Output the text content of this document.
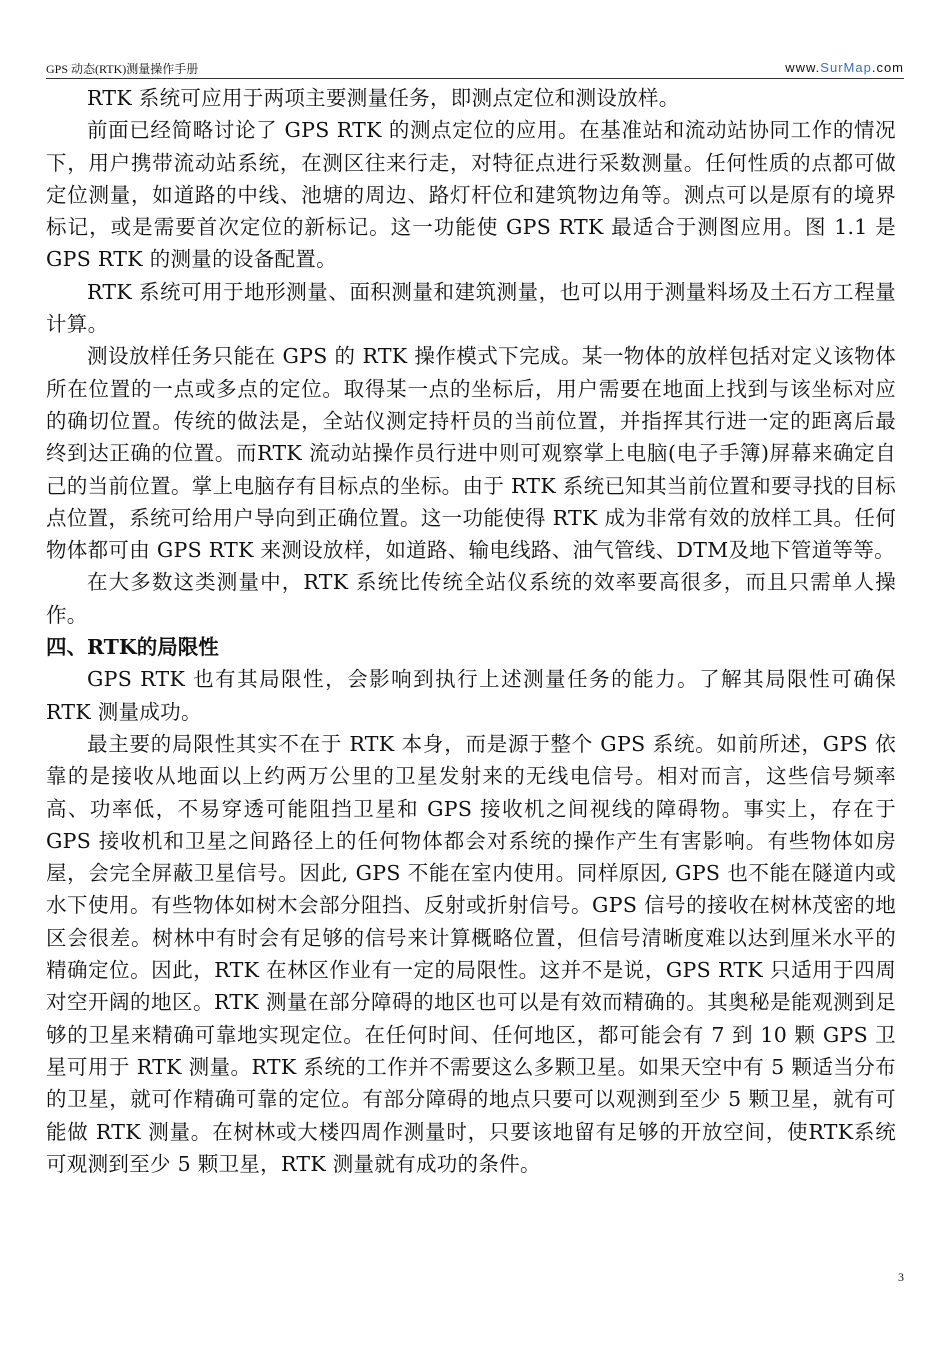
GPS 动态(RTK)测量操作手册	www.SurMap.com

RTK 系统可应用于两项主要测量任务，即测点定位和测设放样。

前面已经简略讨论了 GPS RTK 的测点定位的应用。在基准站和流动站协同工作的情况下，用户携带流动站系统，在测区往来行走，对特征点进行采数测量。任何性质的点都可做定位测量，如道路的中线、池塘的周边、路灯杆位和建筑物边角等。测点可以是原有的境界标记，或是需要首次定位的新标记。这一功能使 GPS RTK 最适合于测图应用。图 1.1 是GPS RTK 的测量的设备配置。

RTK 系统可用于地形测量、面积测量和建筑测量，也可以用于测量料场及土石方工程量计算。

测设放样任务只能在 GPS 的 RTK 操作模式下完成。某一物体的放样包括对定义该物体所在位置的一点或多点的定位。取得某一点的坐标后，用户需要在地面上找到与该坐标对应的确切位置。传统的做法是，全站仪测定持杆员的当前位置，并指挥其行进一定的距离后最终到达正确的位置。而RTK 流动站操作员行进中则可观察掌上电脑(电子手簿)屏幕来确定自己的当前位置。掌上电脑存有目标点的坐标。由于 RTK 系统已知其当前位置和要寻找的目标点位置，系统可给用户导向到正确位置。这一功能使得 RTK 成为非常有效的放样工具。任何物体都可由 GPS RTK 来测设放样，如道路、输电线路、油气管线、DTM及地下管道等等。

在大多数这类测量中，RTK 系统比传统全站仪系统的效率要高很多，而且只需单人操作。

四、RTK的局限性

GPS RTK 也有其局限性，会影响到执行上述测量任务的能力。了解其局限性可确保 RTK 测量成功。

最主要的局限性其实不在于 RTK 本身，而是源于整个 GPS 系统。如前所述，GPS 依靠的是接收从地面以上约两万公里的卫星发射来的无线电信号。相对而言，这些信号频率高、功率低，不易穿透可能阻挡卫星和 GPS 接收机之间视线的障碍物。事实上，存在于 GPS 接收机和卫星之间路径上的任何物体都会对系统的操作产生有害影响。有些物体如房屋，会完全屏蔽卫星信号。因此, GPS 不能在室内使用。同样原因, GPS 也不能在隧道内或水下使用。有些物体如树木会部分阻挡、反射或折射信号。GPS 信号的接收在树林茂密的地区会很差。树林中有时会有足够的信号来计算概略位置，但信号清晰度难以达到厘米水平的精确定位。因此，RTK 在林区作业有一定的局限性。这并不是说，GPS RTK 只适用于四周对空开阔的地区。RTK 测量在部分障碍的地区也可以是有效而精确的。其奥秘是能观测到足够的卫星来精确可靠地实现定位。在任何时间、任何地区，都可能会有 7 到 10 颗 GPS 卫星可用于 RTK 测量。RTK 系统的工作并不需要这么多颗卫星。如果天空中有 5 颗适当分布的卫星，就可作精确可靠的定位。有部分障碍的地点只要可以观测到至少 5 颗卫星，就有可能做 RTK 测量。在树林或大楼四周作测量时，只要该地留有足够的开放空间，使RTK系统可观测到至少 5 颗卫星，RTK 测量就有成功的条件。

3
